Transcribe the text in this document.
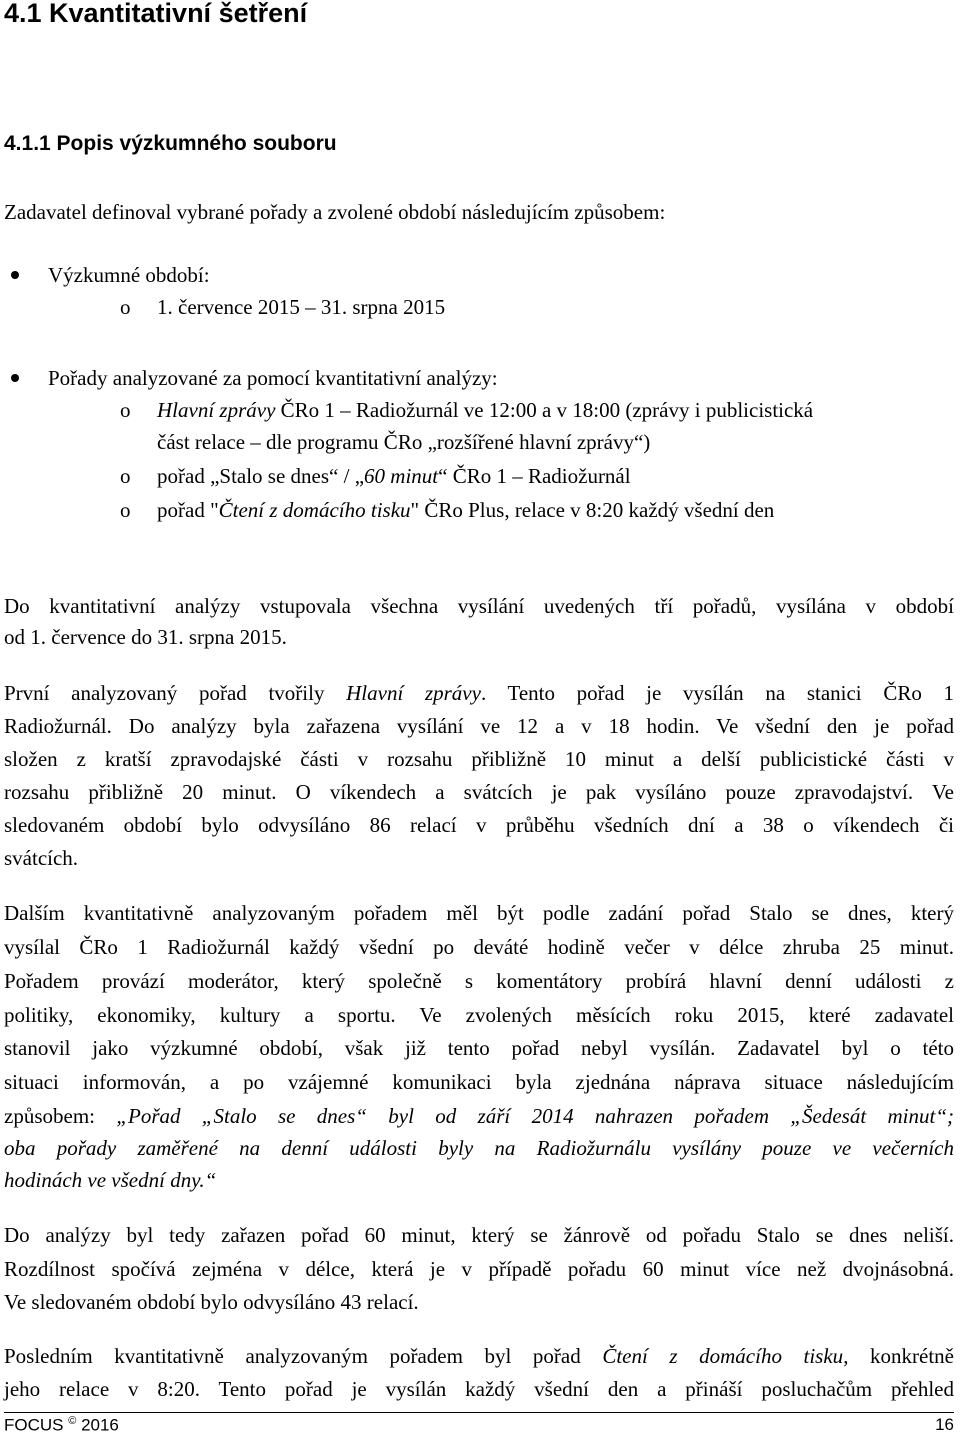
4.1 Kvantitativní šetření
4.1.1 Popis výzkumného souboru
Zadavatel definoval vybrané pořady a zvolené období následujícím způsobem:
Výzkumné období:
o 1. července 2015 – 31. srpna 2015
Pořady analyzované za pomocí kvantitativní analýzy:
o Hlavní zprávy ČRo 1 – Radiožurnál ve 12:00 a v 18:00 (zprávy i publicistická
část relace – dle programu ČRo „rozšířené hlavní zprávy“)
o pořad „Stalo se dnes“ / „60 minut“ ČRo 1 – Radiožurnál
o pořad "Čtení z domácího tisku" ČRo Plus, relace v 8:20 každý všední den
Do kvantitativní analýzy vstupovala všechna vysílání uvedených tří pořadů, vysílána v období
od 1. července do 31. srpna 2015.
První analyzovaný pořad tvořily Hlavní zprávy. Tento pořad je vysílán na stanici ČRo 1
Radiožurnál. Do analýzy byla zařazena vysílání ve 12 a v 18 hodin. Ve všední den je pořad
složen z kratší zpravodajské části v rozsahu přibližně 10 minut a delší publicistické části v
rozsahu přibližně 20 minut. O víkendech a svátcích je pak vysíláno pouze zpravodajství. Ve
sledovaném období bylo odvysíláno 86 relací v průběhu všedních dní a 38 o víkendech či
svátcích.
Dalším kvantitativně analyzovaným pořadem měl být podle zadání pořad Stalo se dnes, který
vysílal ČRo 1 Radiožurnál každý všední po deváté hodině večer v délce zhruba 25 minut.
Pořadem provází moderátor, který společně s komentátory probírá hlavní denní události z
politiky, ekonomiky, kultury a sportu. Ve zvolených měsících roku 2015, které zadavatel
stanovil jako výzkumné období, však již tento pořad nebyl vysílán. Zadavatel byl o této
situaci informován, a po vzájemné komunikaci byla zjednána náprava situace následujícím
způsobem: „Pořad „Stalo se dnes“ byl od září 2014 nahrazen pořadem „Šedesát minut“;
oba pořady zaměřené na denní události byly na Radiožurnálu vysílány pouze ve večerních
hodinách ve všední dny.“
Do analýzy byl tedy zařazen pořad 60 minut, který se žánrově od pořadu Stalo se dnes neliší.
Rozdílnost spočívá zejména v délce, která je v případě pořadu 60 minut více než dvojnásobná.
Ve sledovaném období bylo odvysíláno 43 relací.
Posledním kvantitativně analyzovaným pořadem byl pořad Čtení z domácího tisku, konkrétně
jeho relace v 8:20. Tento pořad je vysílán každý všední den a přináší posluchačům přehled
FOCUS © 2016	16
